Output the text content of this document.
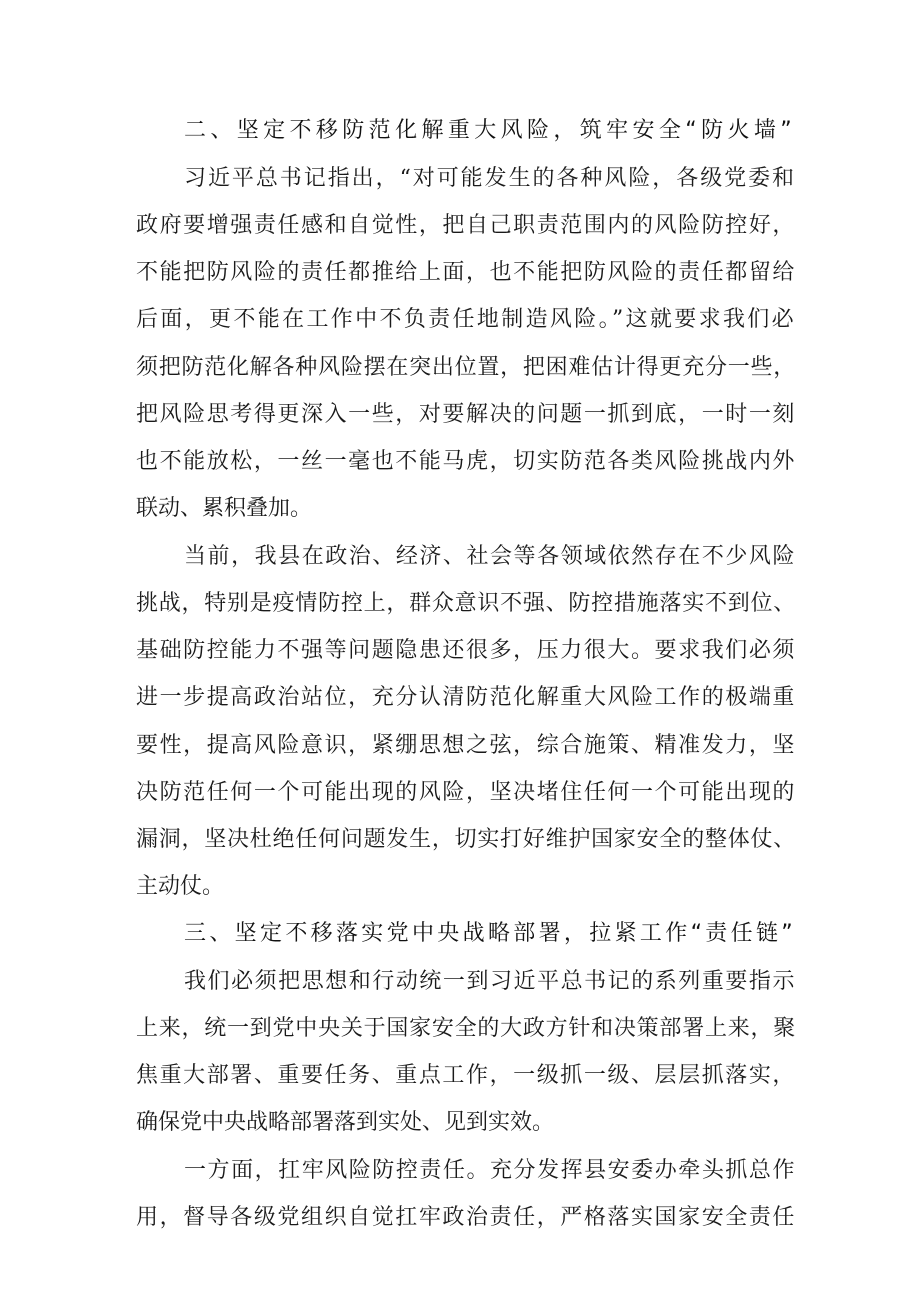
二、坚定不移防范化解重大风险，筑牢安全“防火墙”
习近平总书记指出，“对可能发生的各种风险，各级党委和
政府要增强责任感和自觉性，把自己职责范围内的风险防控好，
不能把防风险的责任都推给上面，也不能把防风险的责任都留给
后面，更不能在工作中不负责任地制造风险。”这就要求我们必
须把防范化解各种风险摆在突出位置，把困难估计得更充分一些，
把风险思考得更深入一些，对要解决的问题一抓到底，一时一刻
也不能放松，一丝一毫也不能马虎，切实防范各类风险挑战内外
联动、累积叠加。
当前，我县在政治、经济、社会等各领域依然存在不少风险
挑战，特别是疫情防控上，群众意识不强、防控措施落实不到位、
基础防控能力不强等问题隐患还很多，压力很大。要求我们必须
进一步提高政治站位，充分认清防范化解重大风险工作的极端重
要性，提高风险意识，紧绷思想之弦，综合施策、精准发力，坚
决防范任何一个可能出现的风险，坚决堵住任何一个可能出现的
漏洞，坚决杜绝任何问题发生，切实打好维护国家安全的整体仗、
主动仗。
三、坚定不移落实党中央战略部署，拉紧工作“责任链”
我们必须把思想和行动统一到习近平总书记的系列重要指示
上来，统一到党中央关于国家安全的大政方针和决策部署上来，聚
焦重大部署、重要任务、重点工作，一级抓一级、层层抓落实，
确保党中央战略部署落到实处、见到实效。
一方面，扛牢风险防控责任。充分发挥县安委办牵头抓总作
用，督导各级党组织自觉扛牢政治责任，严格落实国家安全责任
